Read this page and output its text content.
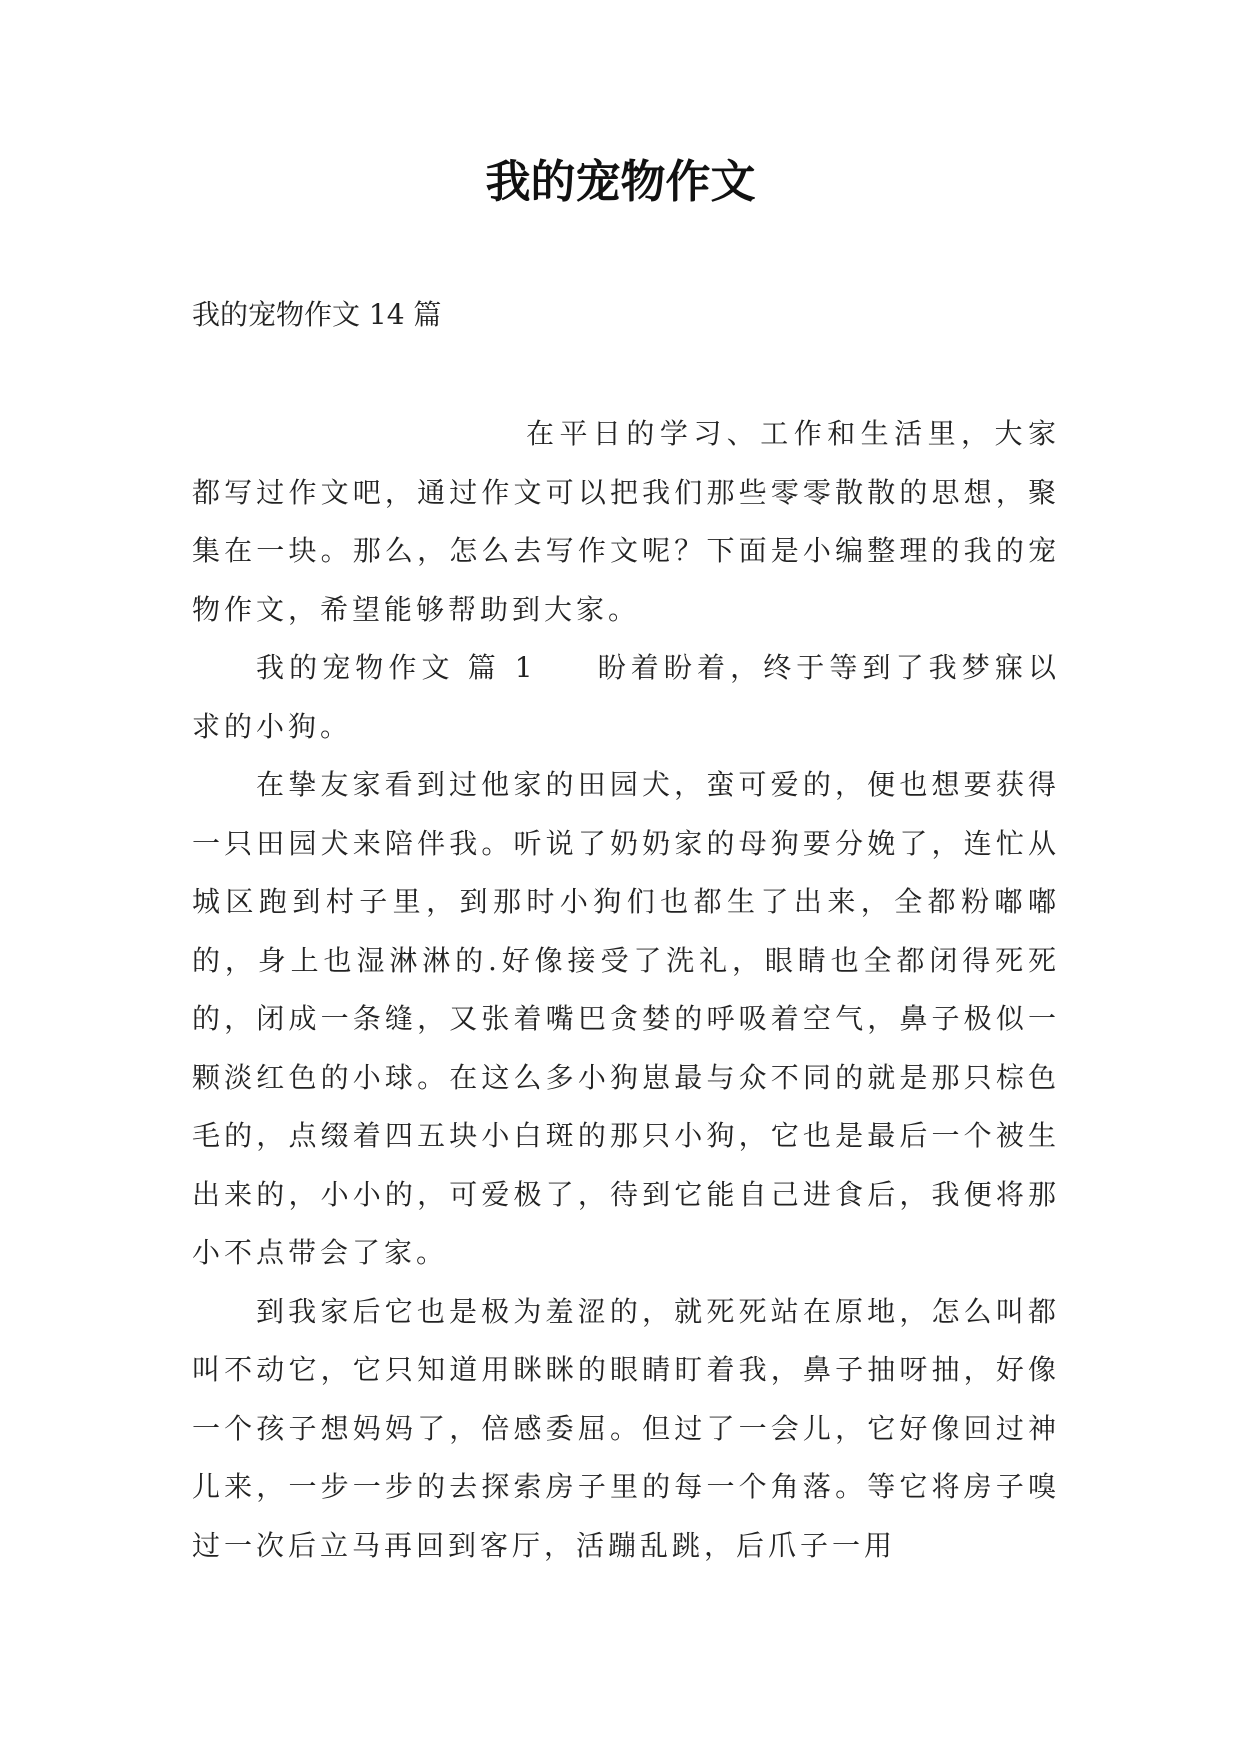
我的宠物作文

我的宠物作文 14 篇

在平日的学习、工作和生活里，大家都写过作文吧，通过作文可以把我们那些零零散散的思想，聚集在一块。那么，怎么去写作文呢？下面是小编整理的我的宠物作文，希望能够帮助到大家。

我的宠物作文 篇 1 盼着盼着，终于等到了我梦寐以求的小狗。

在挚友家看到过他家的田园犬，蛮可爱的，便也想要获得一只田园犬来陪伴我。听说了奶奶家的母狗要分娩了，连忙从城区跑到村子里，到那时小狗们也都生了出来，全都粉嘟嘟的，身上也湿淋淋的.好像接受了洗礼，眼睛也全都闭得死死的，闭成一条缝，又张着嘴巴贪婪的呼吸着空气，鼻子极似一颗淡红色的小球。在这么多小狗崽最与众不同的就是那只棕色毛的，点缀着四五块小白斑的那只小狗，它也是最后一个被生出来的，小小的，可爱极了，待到它能自己进食后，我便将那小不点带会了家。

到我家后它也是极为羞涩的，就死死站在原地，怎么叫都叫不动它，它只知道用眯眯的眼睛盯着我，鼻子抽呀抽，好像一个孩子想妈妈了，倍感委屈。但过了一会儿，它好像回过神儿来，一步一步的去探索房子里的每一个角落。等它将房子嗅过一次后立马再回到客厅，活蹦乱跳，后爪子一用
